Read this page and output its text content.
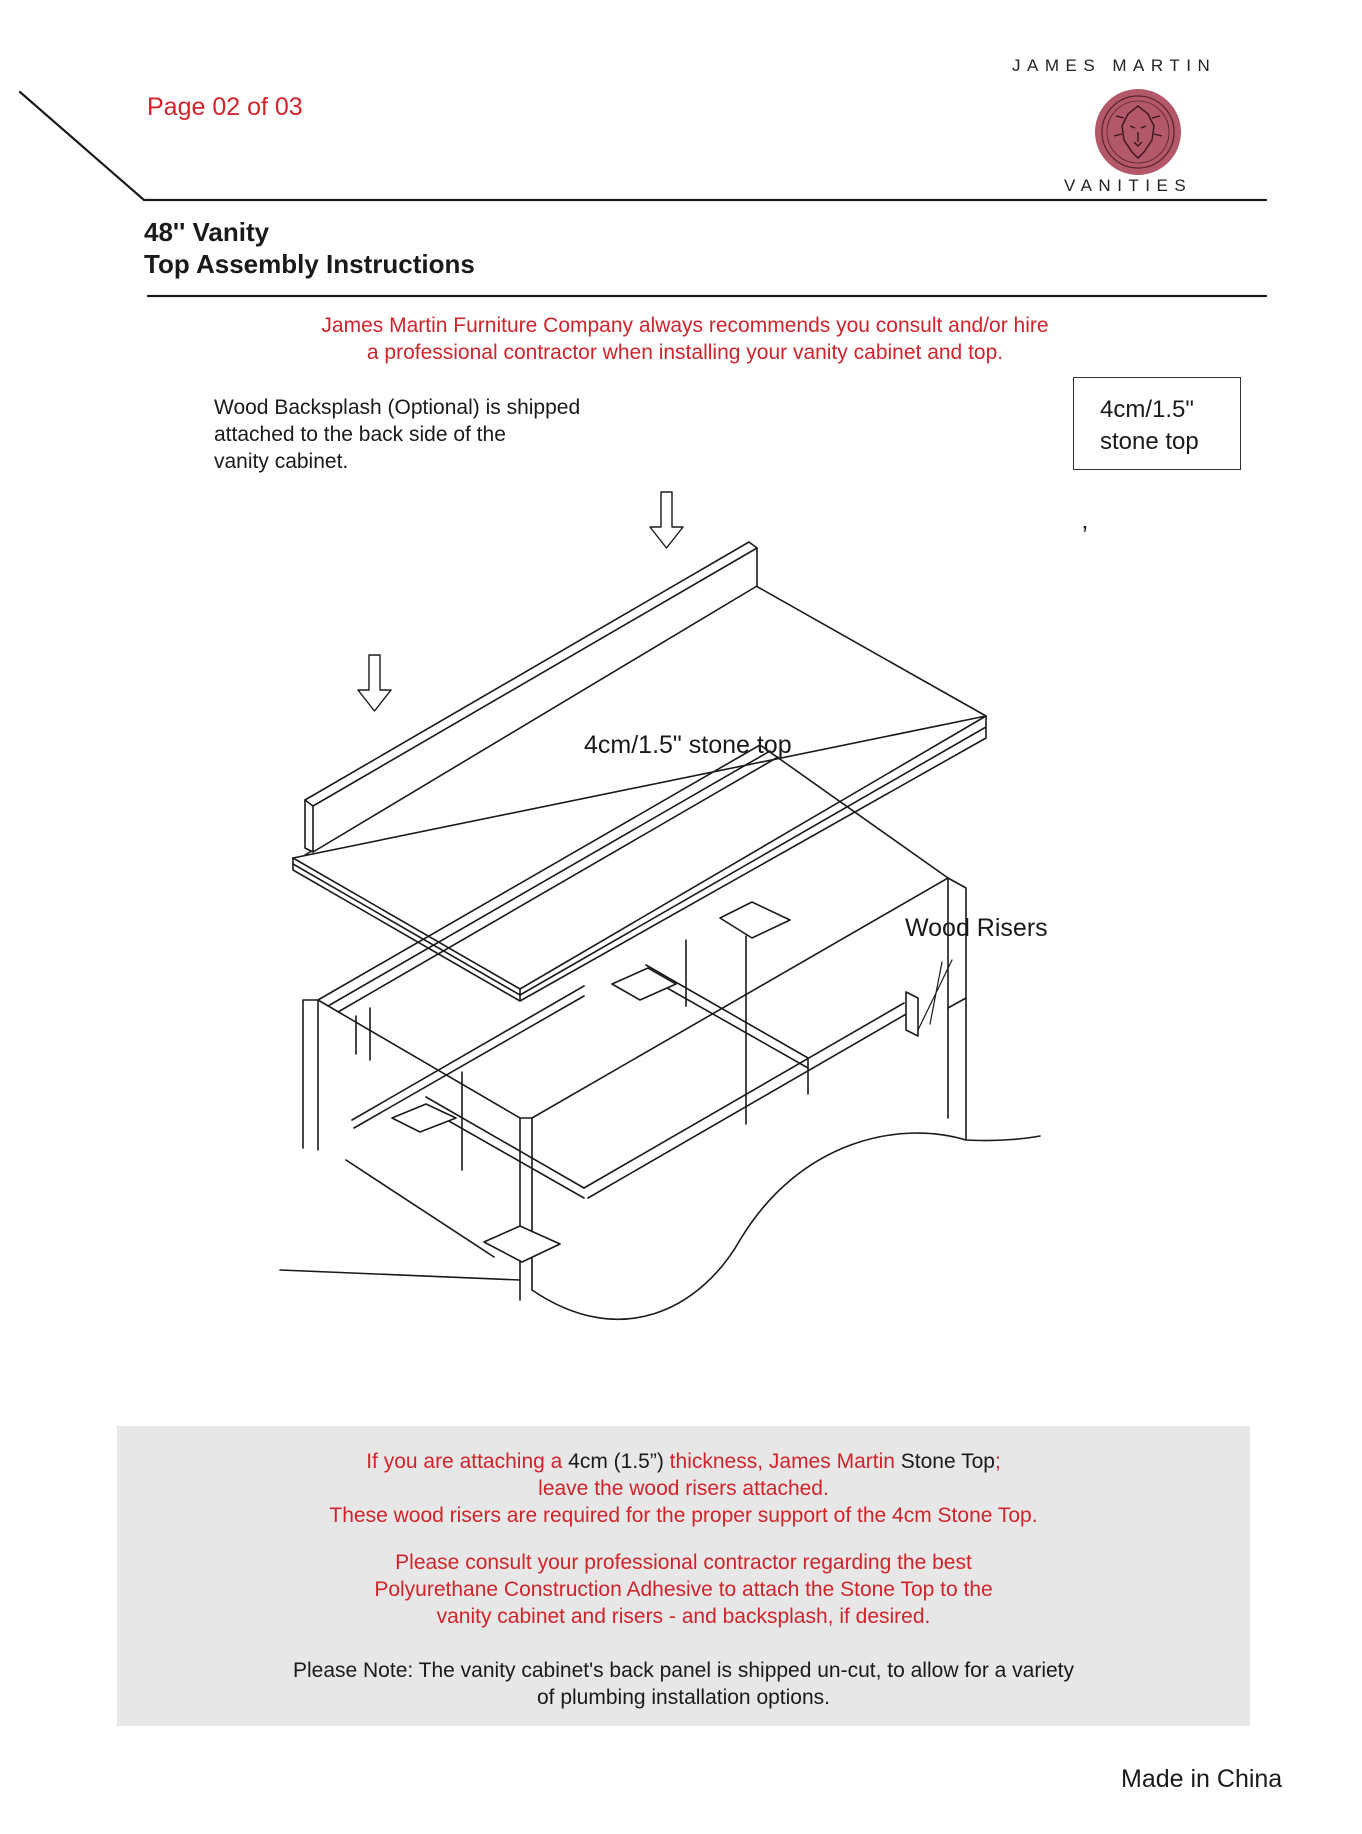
Page 02 of 03
JAMES MARTIN
VANITIES
48'' Vanity
Top Assembly Instructions
James Martin Furniture Company always recommends you consult and/or hire
a professional contractor when installing your vanity cabinet and top.
Wood Backsplash (Optional) is shipped
attached to the back side of the
vanity cabinet.
4cm/1.5"
stone top
’
4cm/1.5" stone top
Wood Risers
If you are attaching a 4cm (1.5”) thickness, James Martin Stone Top;
leave the wood risers attached.
These wood risers are required for the proper support of the 4cm Stone Top.
Please consult your professional contractor regarding the best
Polyurethane Construction Adhesive to attach the Stone Top to the
vanity cabinet and risers - and backsplash, if desired.
Please Note: The vanity cabinet's back panel is shipped un-cut, to allow for a variety
of plumbing installation options.
Made in China
